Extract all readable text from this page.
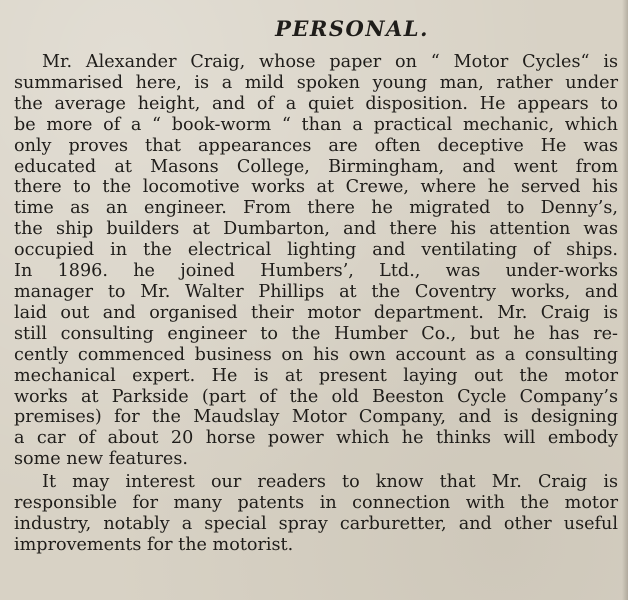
PERSONAL.
Mr. Alexander Craig, whose paper on “ Motor Cycles“ is
summarised here, is a mild spoken young man, rather under
the average height, and of a quiet disposition. He appears to
be more of a “ book-worm “ than a practical mechanic, which
only proves that appearances are often deceptive He was
educated at Masons College, Birmingham, and went from
there to the locomotive works at Crewe, where he served his
time as an engineer. From there he migrated to Denny’s,
the ship builders at Dumbarton, and there his attention was
occupied in the electrical lighting and ventilating of ships.
In 1896. he joined Humbers’, Ltd., was under-works
manager to Mr. Walter Phillips at the Coventry works, and
laid out and organised their motor department. Mr. Craig is
still consulting engineer to the Humber Co., but he has re-
cently commenced business on his own account as a consulting
mechanical expert. He is at present laying out the motor
works at Parkside (part of the old Beeston Cycle Company’s
premises) for the Maudslay Motor Company, and is designing
a car of about 20 horse power which he thinks will embody
some new features.
It may interest our readers to know that Mr. Craig is
responsible for many patents in connection with the motor
industry, notably a special spray carburetter, and other useful
improvements for the motorist.
